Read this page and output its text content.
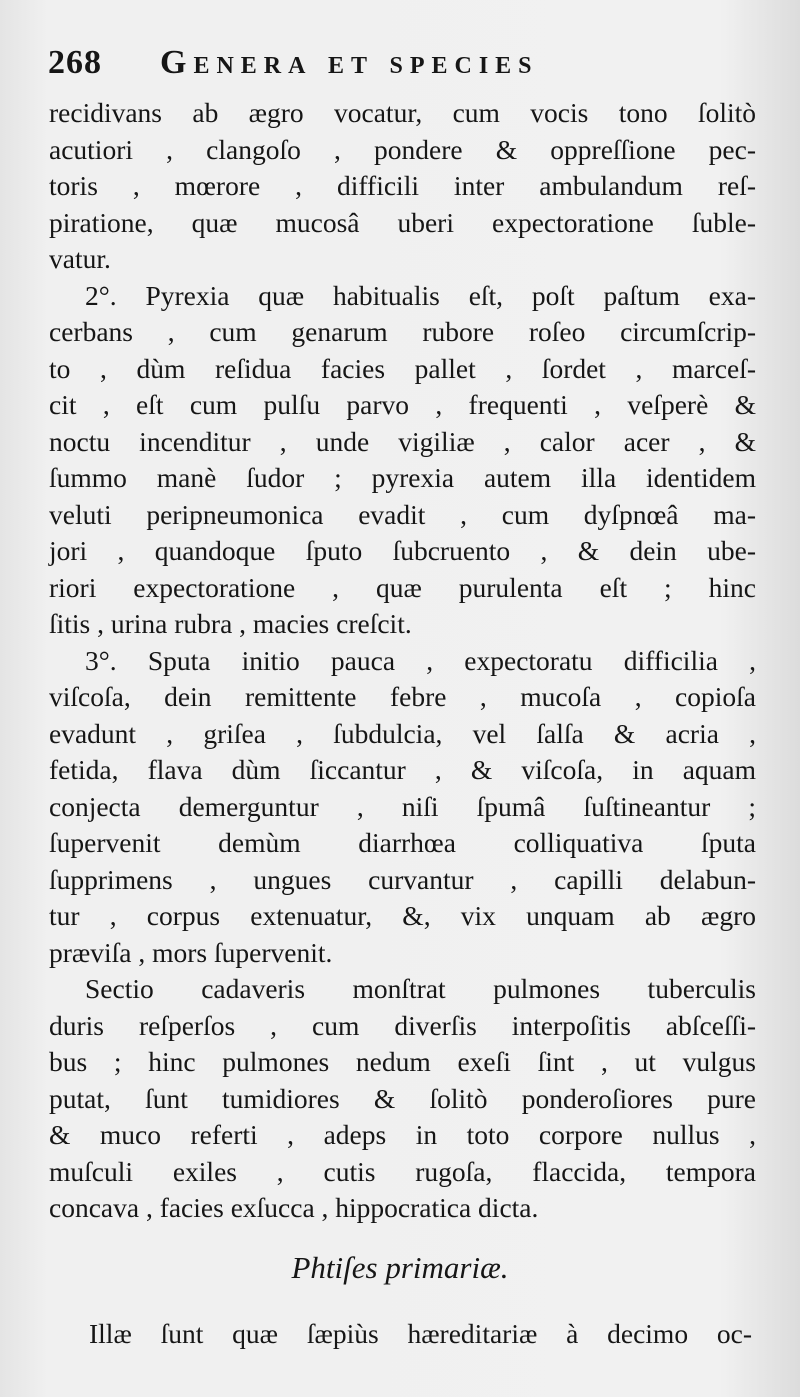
268 Genera et species
recidivans ab ægro vocatur, cum vocis tono ſolitò
acutiori , clangoſo , pondere & oppreſſione pec-
toris , mœrore , difficili inter ambulandum reſ-
piratione, quæ mucosâ uberi expectoratione ſuble-
vatur.
2°. Pyrexia quæ habitualis eſt, poſt paſtum exa-
cerbans , cum genarum rubore roſeo circumſcrip-
to , dùm reſidua facies pallet , ſordet , marceſ-
cit , eſt cum pulſu parvo , frequenti , veſperè &
noctu incenditur , unde vigiliæ , calor acer , &
ſummo manè ſudor ; pyrexia autem illa identidem
veluti peripneumonica evadit , cum dyſpnœâ ma-
jori , quandoque ſputo ſubcruento , & dein ube-
riori expectoratione , quæ purulenta eſt ; hinc
ſitis , urina rubra , macies creſcit.
3°. Sputa initio pauca , expectoratu difficilia ,
viſcoſa, dein remittente febre , mucoſa , copioſa
evadunt , griſea , ſubdulcia, vel ſalſa & acria ,
fetida, flava dùm ſiccantur , & viſcoſa, in aquam
conjecta demerguntur , niſi ſpumâ ſuſtineantur ;
ſupervenit demùm diarrhœa colliquativa ſputa
ſupprimens , ungues curvantur , capilli delabun-
tur , corpus extenuatur, &, vix unquam ab ægro
præviſa , mors ſupervenit.
Sectio cadaveris monſtrat pulmones tuberculis
duris reſperſos , cum diverſis interpoſitis abſceſſi-
bus ; hinc pulmones nedum exeſi ſint , ut vulgus
putat, ſunt tumidiores & ſolitò ponderoſiores pure
& muco referti , adeps in toto corpore nullus ,
muſculi exiles , cutis rugoſa, flaccida, tempora
concava , facies exſucca , hippocratica dicta.
Phtiſes primariæ.
Illæ ſunt quæ ſæpiùs hæreditariæ à decimo oc-
